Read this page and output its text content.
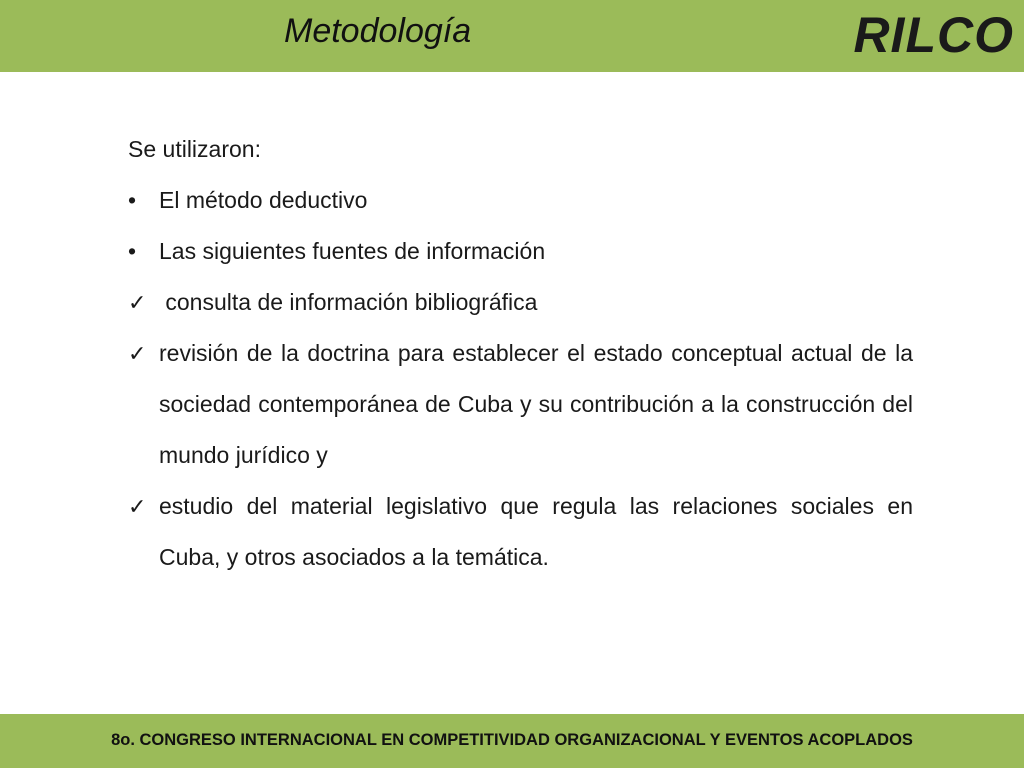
Metodología	RILCO

Se utilizaron:

• El método deductivo

• Las siguientes fuentes de información

✓ consulta de información bibliográfica

✓ revisión de la doctrina para establecer el estado conceptual actual de la sociedad contemporánea de Cuba y su contribución a la construcción del mundo jurídico y

✓ estudio del material legislativo que regula las relaciones sociales en Cuba, y otros asociados a la temática.

8o. CONGRESO INTERNACIONAL EN COMPETITIVIDAD ORGANIZACIONAL Y EVENTOS ACOPLADOS
